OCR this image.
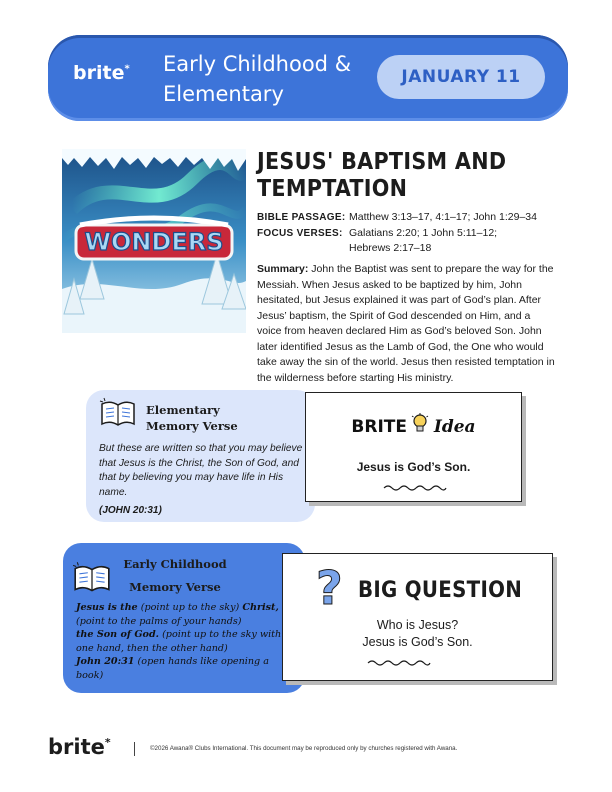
brite* Early Childhood &
Elementary
JANUARY 11
WONDERS
JESUS' BAPTISM AND TEMPTATION
BIBLE PASSAGE: Matthew 3:13–17, 4:1–17; John 1:29–34
FOCUS VERSES: Galatians 2:20; 1 John 5:11–12; Hebrews 2:17–18
Summary: John the Baptist was sent to prepare the way for the Messiah. When Jesus asked to be baptized by him, John hesitated, but Jesus explained it was part of God’s plan. After Jesus’ baptism, the Spirit of God descended on Him, and a voice from heaven declared Him as God’s beloved Son. John later identified Jesus as the Lamb of God, the One who would take away the sin of the world. Jesus then resisted temptation in the wilderness before starting His ministry.
Elementary
Memory Verse
But these are written so that you may believe that Jesus is the Christ, the Son of God, and that by believing you may have life in His name.
(JOHN 20:31)
BRITE Idea
Jesus is God’s Son.
Early Childhood
Memory Verse
Jesus is the (point up to the sky) Christ, (point to the palms of your hands)
the Son of God. (point up to the sky with one hand, then the other hand)
John 20:31 (open hands like opening a book)
? BIG QUESTION
Who is Jesus?
Jesus is God’s Son.
brite*	©2026 Awana® Clubs International. This document may be reproduced only by churches registered with Awana.
